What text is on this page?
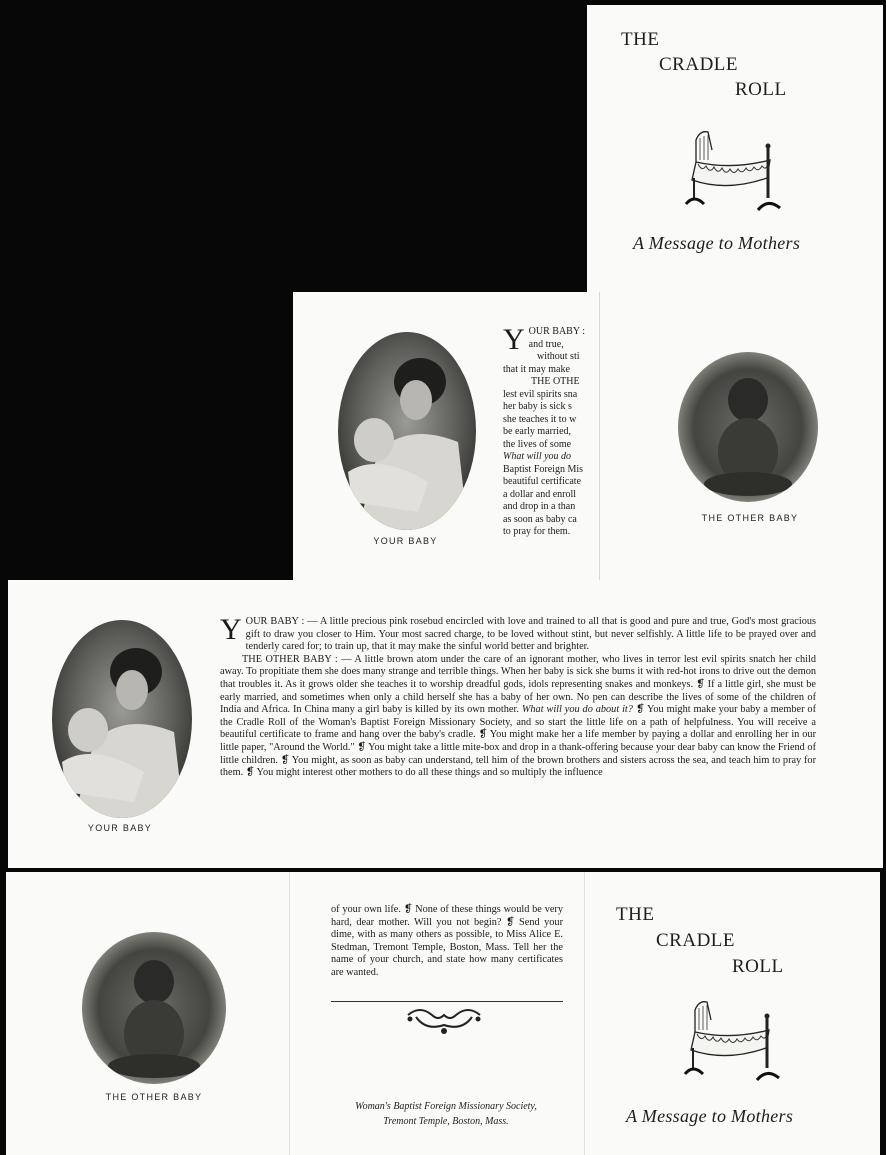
THE
CRADLE
ROLL
A Message to Mothers
YOUR BABY
Y OUR BABY :
and true,
without sti
that it may make
THE OTHE
lest evil spirits sna
her baby is sick s
she teaches it to w
be early married,
the lives of some
What will you do
Baptist Foreign Mis
beautiful certificate
a dollar and enroll
and drop in a than
as soon as baby ca
to pray for them.
THE OTHER BABY
YOUR BABY

YOUR BABY : — A little precious pink rosebud encircled with love and trained to all that is good and pure and true, God's most gracious gift to draw you closer to Him. Your most sacred charge, to be loved without stint, but never selfishly. A little life to be prayed over and tenderly cared for; to train up, that it may make the sinful world better and brighter.

THE OTHER BABY : — A little brown atom under the care of an ignorant mother, who lives in terror lest evil spirits snatch her child away. To propitiate them she does many strange and terrible things. When her baby is sick she burns it with red-hot irons to drive out the demon that troubles it. As it grows older she teaches it to worship dreadful gods, idols representing snakes and monkeys. ❡ If a little girl, she must be early married, and sometimes when only a child herself she has a baby of her own. No pen can describe the lives of some of the children of India and Africa. In China many a girl baby is killed by its own mother. What will you do about it? ❡ You might make your baby a member of the Cradle Roll of the Woman's Baptist Foreign Missionary Society, and so start the little life on a path of helpfulness. You will receive a beautiful certificate to frame and hang over the baby's cradle. ❡ You might make her a life member by paying a dollar and enrolling her in our little paper, "Around the World." ❡ You might take a little mite-box and drop in a thank-offering because your dear baby can know the Friend of little children. ❡ You might, as soon as baby can understand, tell him of the brown brothers and sisters across the sea, and teach him to pray for them. ❡ You might interest other mothers to do all these things and so multiply the influence

THE OTHER BABY
of your own life. ❡ None of these things would be very hard, dear mother. Will you not begin? ❡ Send your dime, with as many others as possible, to Miss Alice E. Stedman, Tremont Temple, Boston, Mass. Tell her the name of your church, and state how many certificates are wanted.
Woman's Baptist Foreign Missionary Society,
Tremont Temple, Boston, Mass.
THE
CRADLE
ROLL
A Message to Mothers
